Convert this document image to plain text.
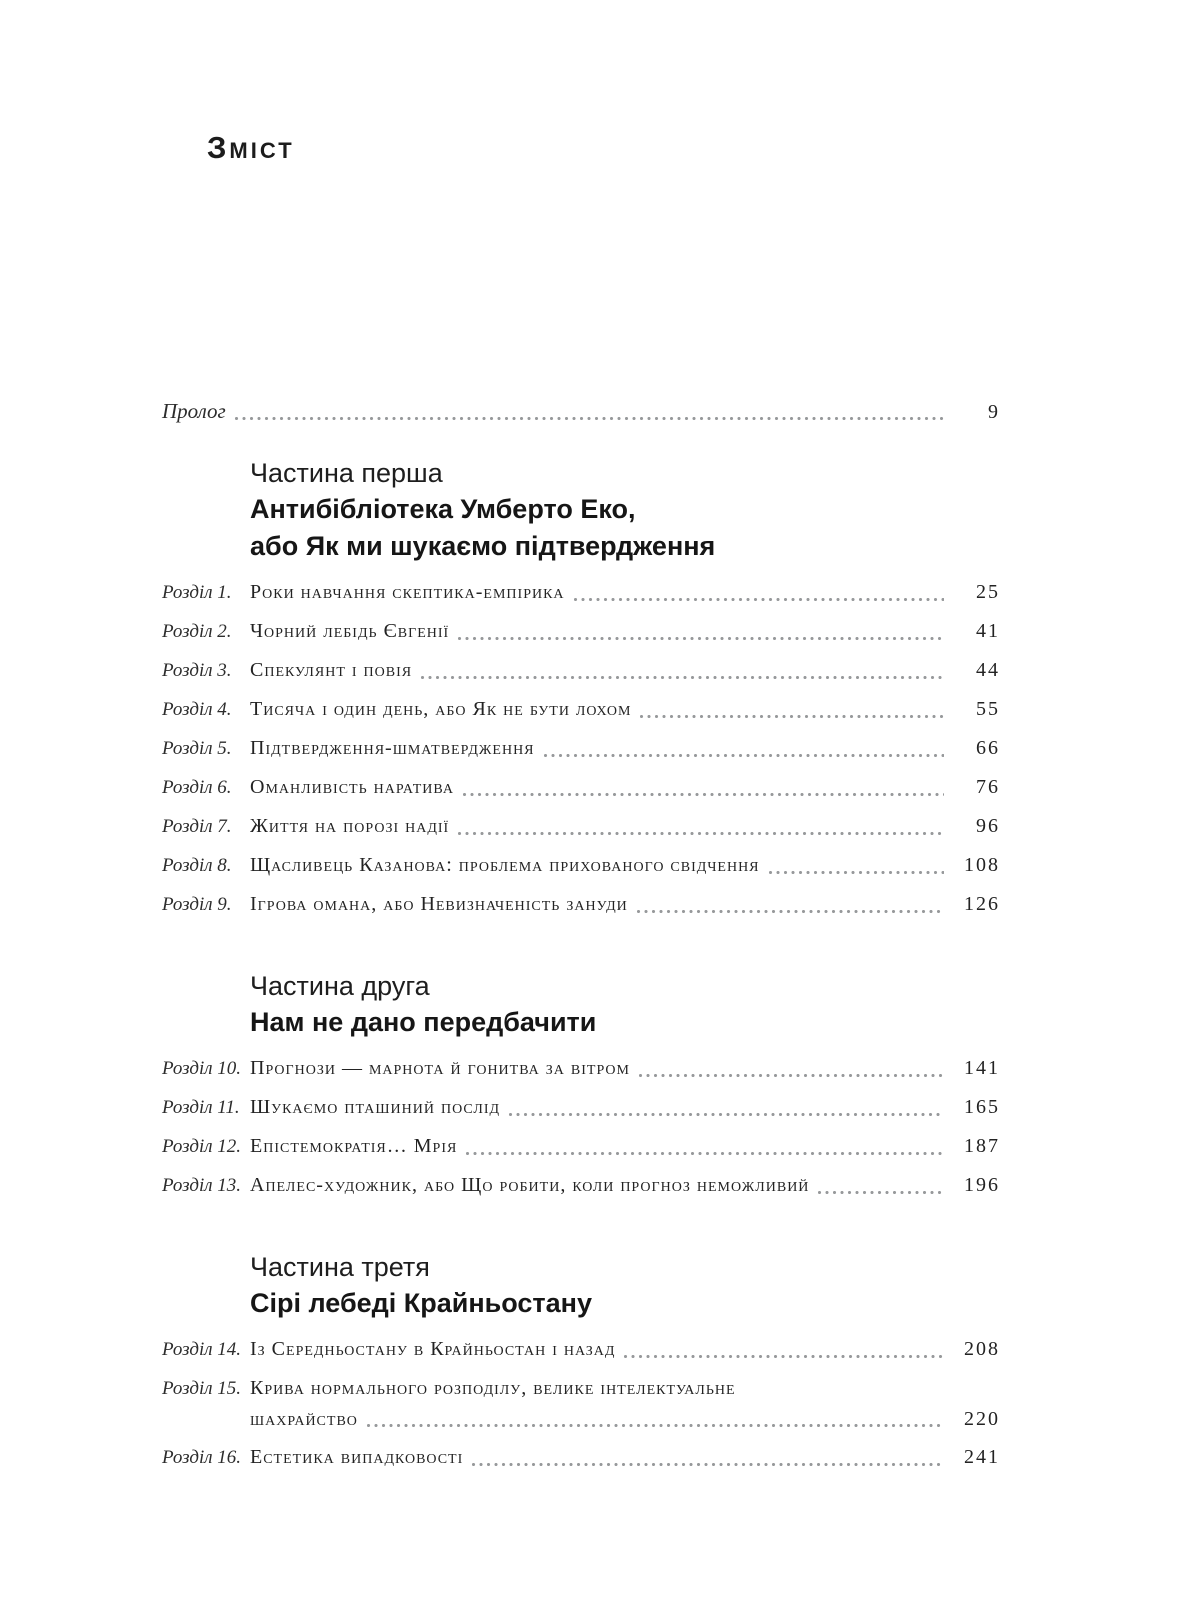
Зміст
Пролог	9
Частина перша
Антибібліотека Умберто Еко,
або Як ми шукаємо підтвердження
Розділ 1. Роки навчання скептика-емпірика	25
Розділ 2. Чорний лебідь Євгенії	41
Розділ 3. Спекулянт і повія	44
Розділ 4. Тисяча і один день, або Як не бути лохом	55
Розділ 5. Підтвердження-шматвердження	66
Розділ 6. Оманливість наратива	76
Розділ 7. Життя на порозі надії	96
Розділ 8. Щасливець Казанова: проблема прихованого свідчення	108
Розділ 9. Ігрова омана, або Невизначеність зануди	126
Частина друга
Нам не дано передбачити
Розділ 10. Прогнози — марнота й гонитва за вітром	141
Розділ 11. Шукаємо пташиний послід	165
Розділ 12. Епістемократія… Мрія	187
Розділ 13. Апелес-художник, або Що робити, коли прогноз неможливий	196
Частина третя
Сірі лебеді Крайньостану
Розділ 14. Із Середньостану в Крайньостан і назад	208
Розділ 15. Крива нормального розподілу, велике інтелектуальне
шахрайство	220
Розділ 16. Естетика випадковості	241
